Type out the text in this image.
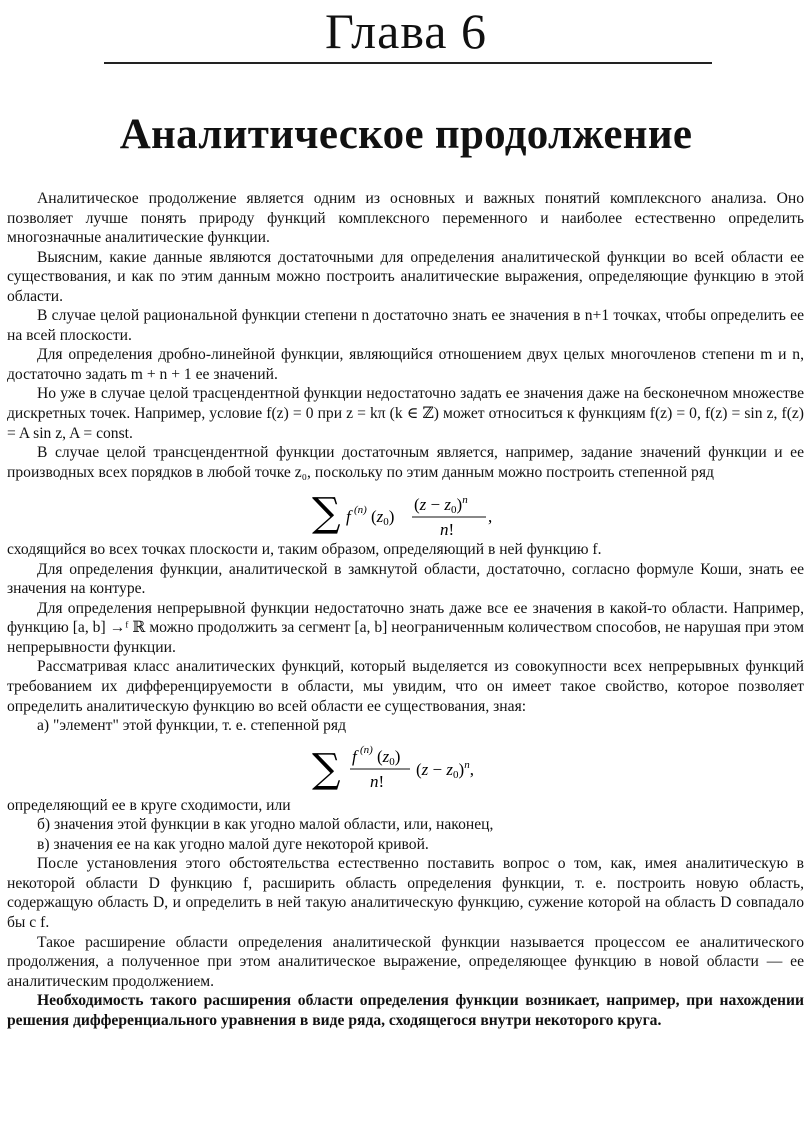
Глава 6
Аналитическое продолжение

Аналитическое продолжение является одним из основных и важных понятий комплексного анализа. Оно позволяет лучше понять природу функций комплексного переменного и наиболее естественно определить многозначные аналитические функции.

Выясним, какие данные являются достаточными для определения аналитической функции во всей области ее существования, и как по этим данным можно построить аналитические выражения, определяющие функцию в этой области.

В случае целой рациональной функции степени n достаточно знать ее значения в n+1 точках, чтобы определить ее на всей плоскости.

Для определения дробно-линейной функции, являющийся отношением двух целых многочленов степени m и n, достаточно задать m + n + 1 ее значений.

Но уже в случае целой трасцендентной функции недостаточно задать ее значения даже на бесконечном множестве дискретных точек. Например, условие f(z) = 0 при z = kπ (k ∈ ℤ) может относиться к функциям f(z) = 0, f(z) = sin z, f(z) = A sin z, A = const.

В случае целой трансцендентной функции достаточным является, например, задание значений функции и ее производных всех порядков в любой точке z₀, поскольку по этим данным можно построить степенной ряд

∑ f (n) (z0)
$(z - z0)^n$
n!
,

сходящийся во всех точках плоскости и, таким образом, определяющий в ней функцию f.

Для определения функции, аналитической в замкнутой области, достаточно, согласно формуле Коши, знать ее значения на контуре.

Для определения непрерывной функции недостаточно знать даже все ее значения в какой-то области. Например, функцию [a, b] →ᶠ ℝ можно продолжить за сегмент [a, b] неограниченным количеством способов, не нарушая при этом непрерывности функции.

Рассматривая класс аналитических функций, который выделяется из совокупности всех непрерывных функций требованием их дифференцируемости в области, мы увидим, что он имеет такое свойство, которое позволяет определить аналитическую функцию во всей области ее существования, зная:

а) "элемент" этой функции, т. е. степенной ряд

∑ f (n) (z0)
n!
$(z - z0)^n$,

определяющий ее в круге сходимости, или

б) значения этой функции в как угодно малой области, или, наконец,

в) значения ее на как угодно малой дуге некоторой кривой.

После установления этого обстоятельства естественно поставить вопрос о том, как, имея аналитическую в некоторой области D функцию f, расширить область определения функции, т. е. построить новую область, содержащую область D, и определить в ней такую аналитическую функцию, сужение которой на область D совпадало бы с f.

Такое расширение области определения аналитической функции называется процессом ее аналитического продолжения, а полученное при этом аналитическое выражение, определяющее функцию в новой области — ее аналитическим продолжением.

Необходимость такого расширения области определения функции возникает, например, при нахождении решения дифференциального уравнения в виде ряда, сходящегося внутри некоторого круга.
